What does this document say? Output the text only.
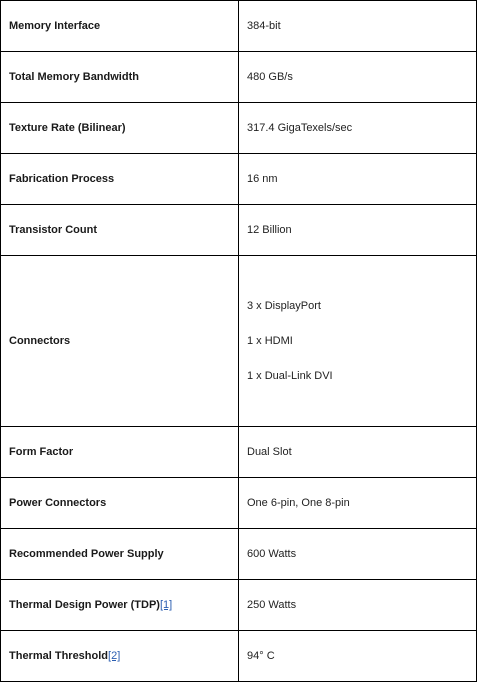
Memory Interface	384-bit
Total Memory Bandwidth	480 GB/s
Texture Rate (Bilinear)	317.4 GigaTexels/sec
Fabrication Process	16 nm
Transistor Count	12 Billion
Connectors	3 x DisplayPort
1 x HDMI
1 x Dual-Link DVI

Form Factor	Dual Slot
Power Connectors	One 6-pin, One 8-pin
Recommended Power Supply	600 Watts
Thermal Design Power (TDP)[1]	250 Watts
Thermal Threshold[2]	94° C
